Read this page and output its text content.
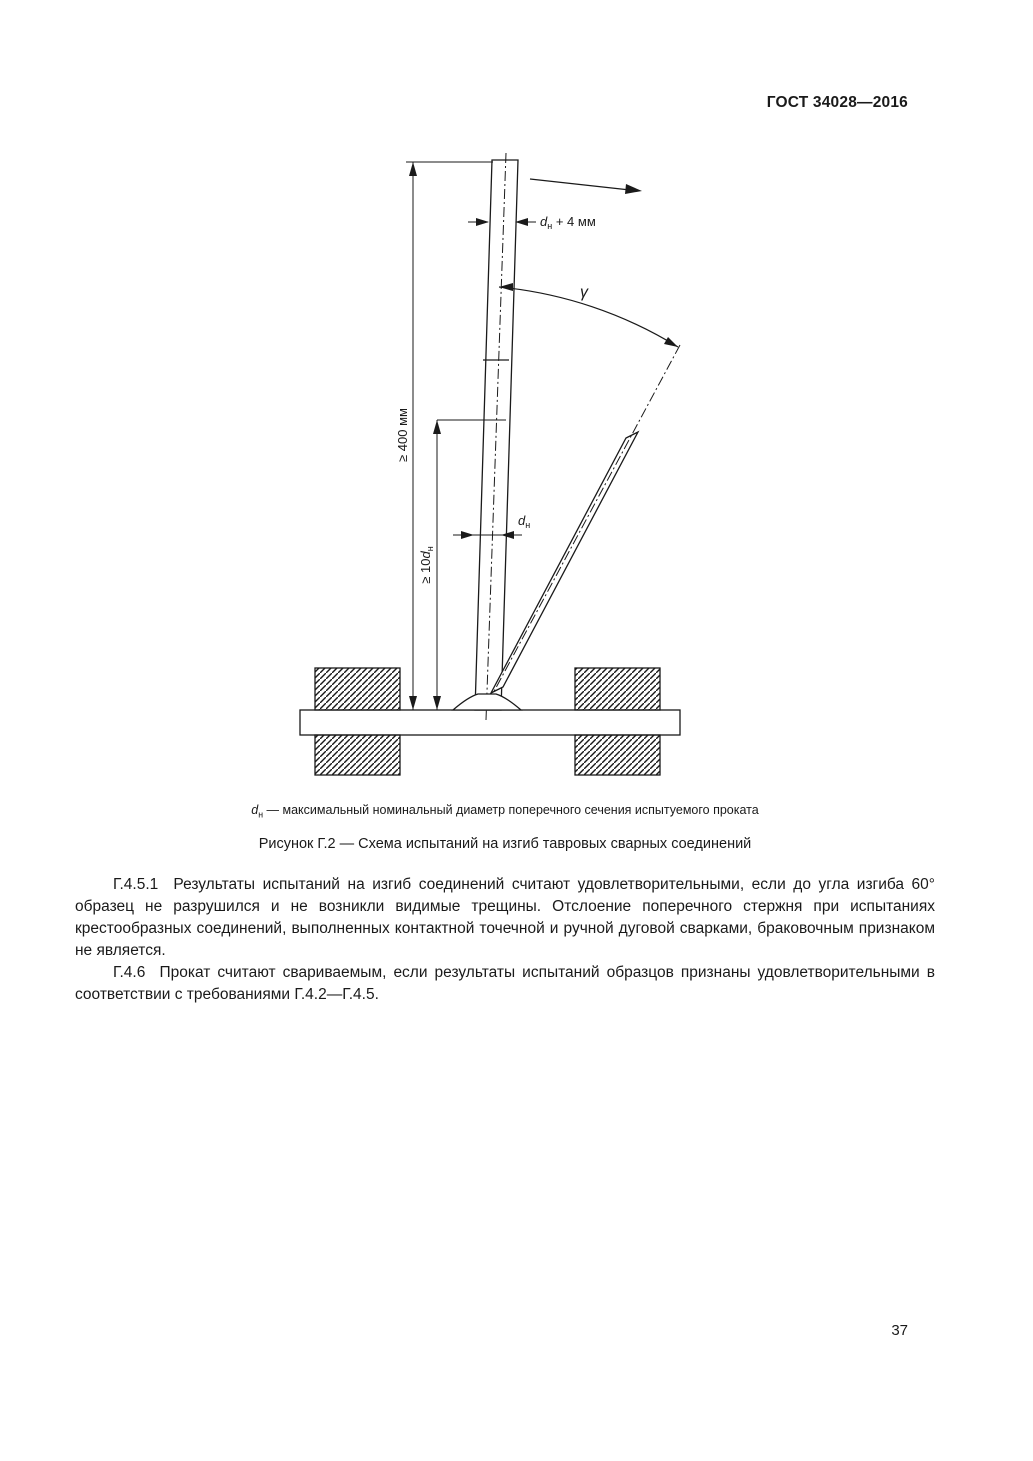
ГОСТ 34028—2016
$d_н + 4$ мм
γ
≥ 400 мм
≥ $10d_н$
$d_н$
$d_н$ — максимальный номинальный диаметр поперечного сечения испытуемого проката
Рисунок Г.2 — Схема испытаний на изгиб тавровых сварных соединений

Г.4.5.1 Результаты испытаний на изгиб соединений считают удовлетворительными, если до угла изгиба 60° образец не разрушился и не возникли видимые трещины. Отслоение поперечного стержня при испытаниях крестообразных соединений, выполненных контактной точечной и ручной дуговой сварками, браковочным признаком не является.

Г.4.6 Прокат считают свариваемым, если результаты испытаний образцов признаны удовлетворительными в соответствии с требованиями Г.4.2—Г.4.5.

37
